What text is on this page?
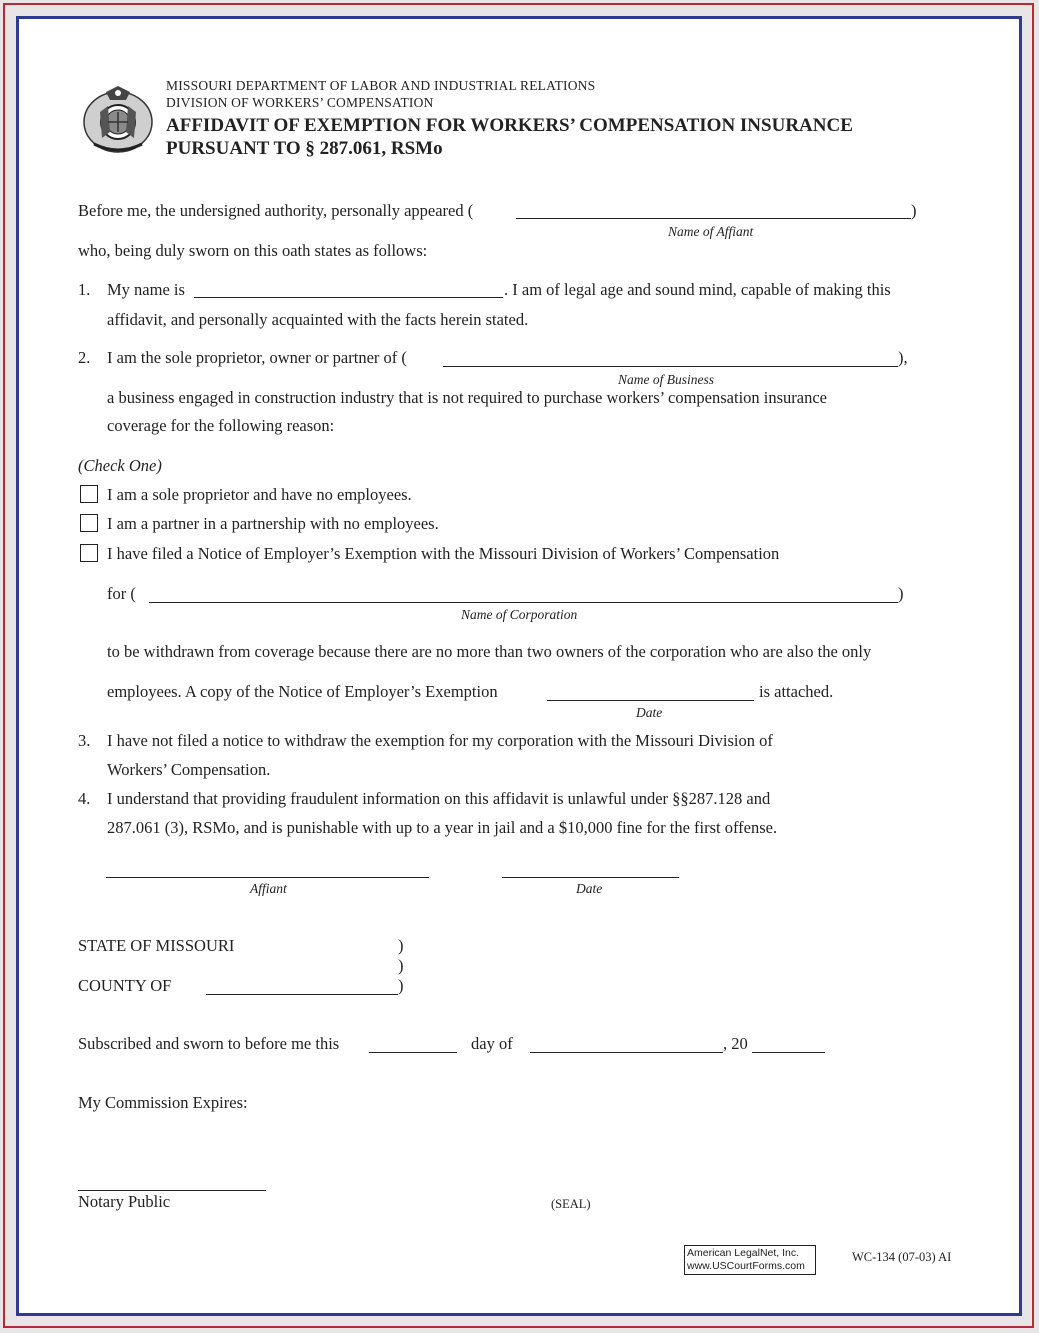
MISSOURI DEPARTMENT OF LABOR AND INDUSTRIAL RELATIONS
DIVISION OF WORKERS’ COMPENSATION
AFFIDAVIT OF EXEMPTION FOR WORKERS’ COMPENSATION INSURANCE
PURSUANT TO § 287.061, RSMo
Before me, the undersigned authority, personally appeared (	)
Name of Affiant
who, being duly sworn on this oath states as follows:
1. My name is	. I am of legal age and sound mind, capable of making this
affidavit, and personally acquainted with the facts herein stated.
2. I am the sole proprietor, owner or partner of (	),
Name of Business
a business engaged in construction industry that is not required to purchase workers’ compensation insurance
coverage for the following reason:
(Check One)
I am a sole proprietor and have no employees.
I am a partner in a partnership with no employees.
I have filed a Notice of Employer’s Exemption with the Missouri Division of Workers’ Compensation
for (	)
Name of Corporation
to be withdrawn from coverage because there are no more than two owners of the corporation who are also the only
employees. A copy of the Notice of Employer’s Exemption	is attached.
Date
3. I have not filed a notice to withdraw the exemption for my corporation with the Missouri Division of
Workers’ Compensation.
4. I understand that providing fraudulent information on this affidavit is unlawful under §§287.128 and
287.061 (3), RSMo, and is punishable with up to a year in jail and a $10,000 fine for the first offense.
Affiant	Date
STATE OF MISSOURI	)
)
COUNTY OF	)
Subscribed and sworn to before me this	day of	, 20
My Commission Expires:
Notary Public	(SEAL)
American LegalNet, Inc.
www.USCourtForms.com
WC-134 (07-03) AI
